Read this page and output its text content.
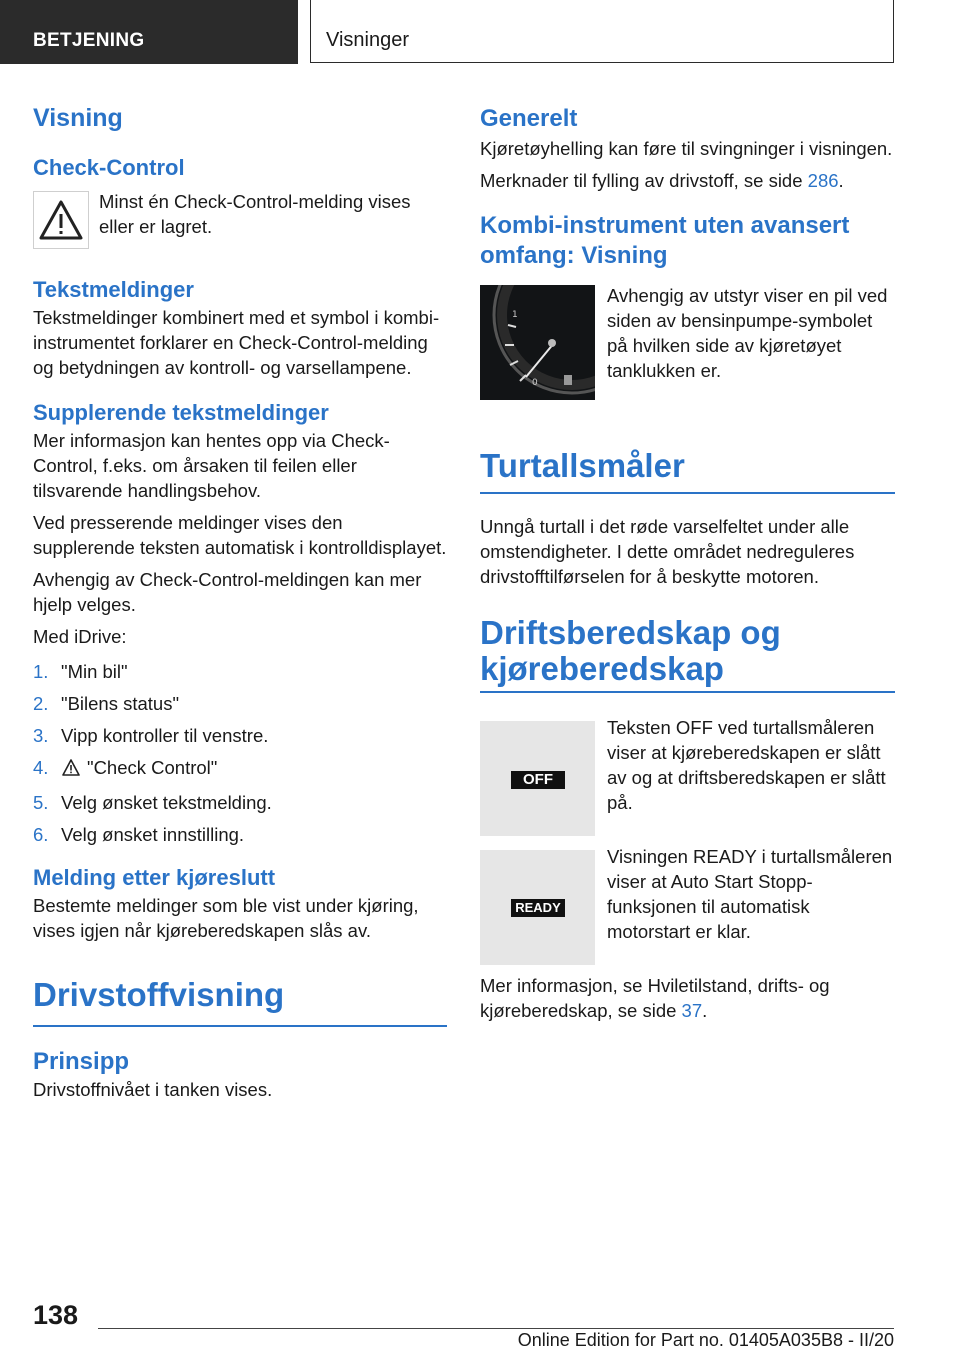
BETJENING	Visninger
Visning
Check-Control

Minst én Check-Control-melding vises eller er lagret.

Tekstmeldinger

Tekstmeldinger kombinert med et symbol i kombi-instrumentet forklarer en Check-Control-melding og betydningen av kontroll- og varsellampene.

Supplerende tekstmeldinger

Mer informasjon kan hentes opp via Check-Control, f.eks. om årsaken til feilen eller tilsvarende handlingsbehov.

Ved presserende meldinger vises den supplerende teksten automatisk i kontrolldisplayet.

Avhengig av Check-Control-meldingen kan mer hjelp velges.

Med iDrive:

1. "Min bil"
2. "Bilens status"
3. Vipp kontroller til venstre.
4. "Check Control"
5. Velg ønsket tekstmelding.
6. Velg ønsket innstilling.
Melding etter kjøreslutt

Bestemte meldinger som ble vist under kjøring, vises igjen når kjøreberedskapen slås av.

Drivstoffvisning
Prinsipp

Drivstoffnivået i tanken vises.

Generelt

Kjøretøyhelling kan føre til svingninger i visningen.

Merknader til fylling av drivstoff, se side 286.

Kombi-instrument uten avansert omfang: Visning
1
0

Avhengig av utstyr viser en pil ved siden av bensinpumpe-symbolet på hvilken side av kjøretøyet tanklukken er.

Turtallsmåler

Unngå turtall i det røde varselfeltet under alle omstendigheter. I dette området nedreguleres drivstofftilførselen for å beskytte motoren.

Driftsberedskap og kjøreberedskap
OFF

Teksten OFF ved turtallsmåleren viser at kjøreberedskapen er slått av og at driftsberedskapen er slått på.

READY

Visningen READY i turtallsmåleren viser at Auto Start Stopp-funksjonen til automatisk motorstart er klar.

Mer informasjon, se Hviletilstand, drifts- og kjøreberedskap, se side 37.

138
Online Edition for Part no. 01405A035B8 - II/20
